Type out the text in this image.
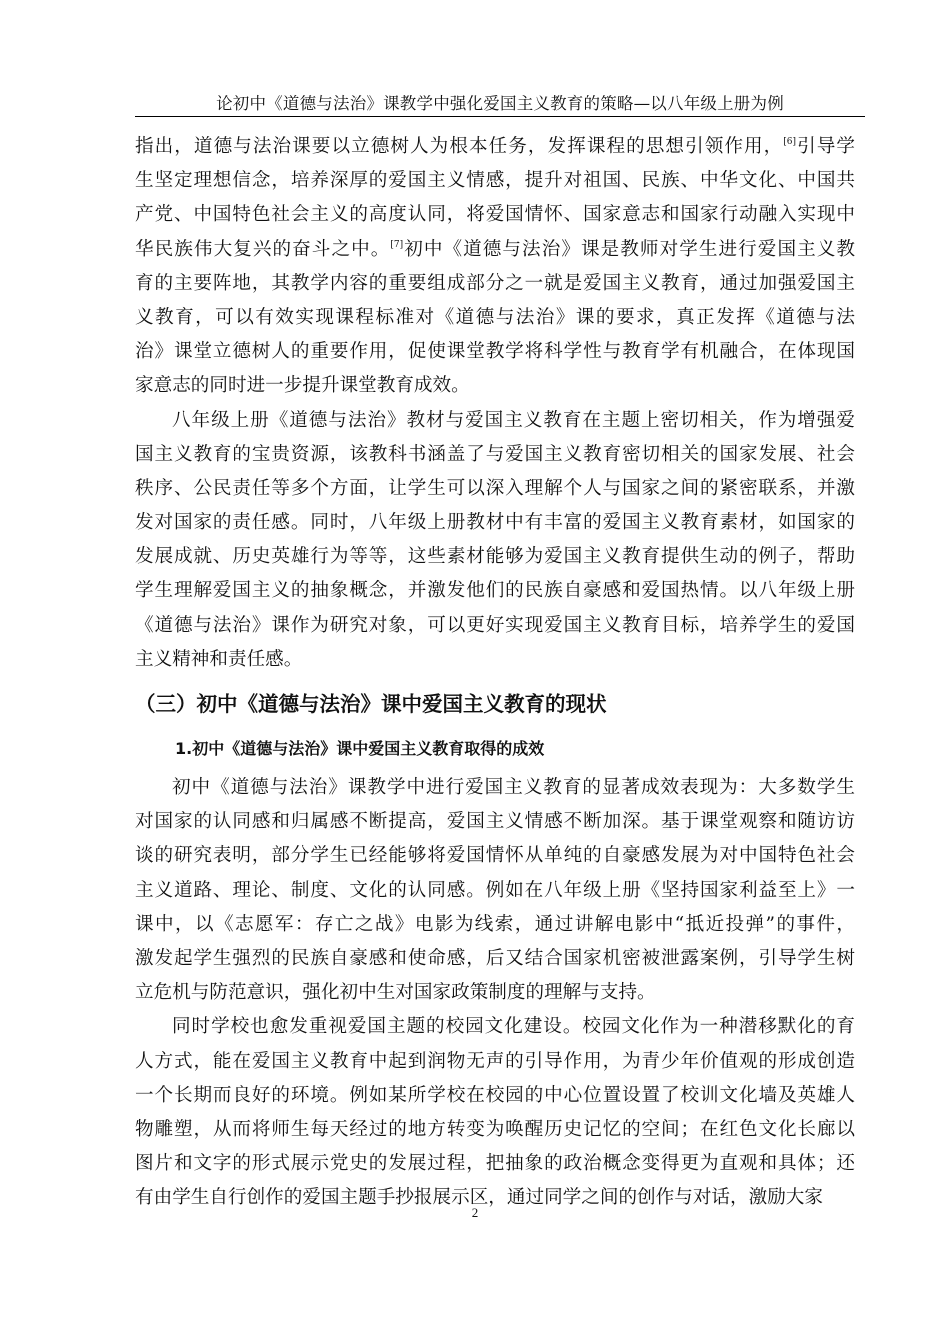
论初中《道德与法治》课教学中强化爱国主义教育的策略—以八年级上册为例

指出，道德与法治课要以立德树人为根本任务，发挥课程的思想引领作用，[6]引导学
生坚定理想信念，培养深厚的爱国主义情感，提升对祖国、民族、中华文化、中国共
产党、中国特色社会主义的高度认同，将爱国情怀、国家意志和国家行动融入实现中
华民族伟大复兴的奋斗之中。[7]初中《道德与法治》课是教师对学生进行爱国主义教
育的主要阵地，其教学内容的重要组成部分之一就是爱国主义教育，通过加强爱国主
义教育，可以有效实现课程标准对《道德与法治》课的要求，真正发挥《道德与法
治》课堂立德树人的重要作用，促使课堂教学将科学性与教育学有机融合，在体现国
家意志的同时进一步提升课堂教育成效。

八年级上册《道德与法治》教材与爱国主义教育在主题上密切相关，作为增强爱
国主义教育的宝贵资源，该教科书涵盖了与爱国主义教育密切相关的国家发展、社会
秩序、公民责任等多个方面，让学生可以深入理解个人与国家之间的紧密联系，并激
发对国家的责任感。同时，八年级上册教材中有丰富的爱国主义教育素材，如国家的
发展成就、历史英雄行为等等，这些素材能够为爱国主义教育提供生动的例子，帮助
学生理解爱国主义的抽象概念，并激发他们的民族自豪感和爱国热情。以八年级上册
《道德与法治》课作为研究对象，可以更好实现爱国主义教育目标，培养学生的爱国
主义精神和责任感。

（三）初中《道德与法治》课中爱国主义教育的现状
1.初中《道德与法治》课中爱国主义教育取得的成效

初中《道德与法治》课教学中进行爱国主义教育的显著成效表现为：大多数学生
对国家的认同感和归属感不断提高，爱国主义情感不断加深。基于课堂观察和随访访
谈的研究表明，部分学生已经能够将爱国情怀从单纯的自豪感发展为对中国特色社会
主义道路、理论、制度、文化的认同感。例如在八年级上册《坚持国家利益至上》一
课中，以《志愿军：存亡之战》电影为线索，通过讲解电影中“抵近投弹”的事件，
激发起学生强烈的民族自豪感和使命感，后又结合国家机密被泄露案例，引导学生树
立危机与防范意识，强化初中生对国家政策制度的理解与支持。

同时学校也愈发重视爱国主题的校园文化建设。校园文化作为一种潜移默化的育
人方式，能在爱国主义教育中起到润物无声的引导作用，为青少年价值观的形成创造
一个长期而良好的环境。例如某所学校在校园的中心位置设置了校训文化墙及英雄人
物雕塑，从而将师生每天经过的地方转变为唤醒历史记忆的空间；在红色文化长廊以
图片和文字的形式展示党史的发展过程，把抽象的政治概念变得更为直观和具体；还
有由学生自行创作的爱国主题手抄报展示区，通过同学之间的创作与对话，激励大家

2
